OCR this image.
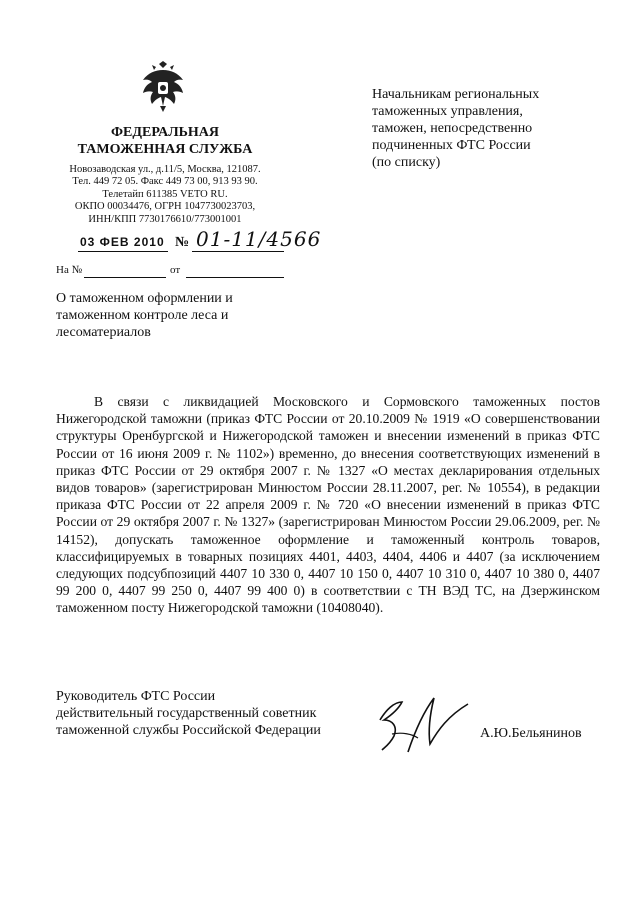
ФЕДЕРАЛЬНАЯ
ТАМОЖЕННАЯ СЛУЖБА
Новозаводская ул., д.11/5, Москва, 121087.
Тел. 449 72 05. Факс 449 73 00, 913 93 90.
Телетайп 611385 VETO RU.
ОКПО 00034476, ОГРН 1047730023703,
ИНН/КПП 7730176610/773001001
Начальникам региональных
таможенных управления,
таможен, непосредственно
подчиненных ФТС России
(по списку)
03 ФЕВ 2010 № 01-11/4566
На №	от
О таможенном оформлении и
таможенном контроле леса и
лесоматериалов
В связи с ликвидацией Московского и Сормовского таможенных постов Нижегородской таможни (приказ ФТС России от 20.10.2009 № 1919 «О совершенствовании структуры Оренбургской и Нижегородской таможен и внесении изменений в приказ ФТС России от 16 июня 2009 г. № 1102») временно, до внесения соответствующих изменений в приказ ФТС России от 29 октября 2007 г. № 1327 «О местах декларирования отдельных видов товаров» (зарегистрирован Минюстом России 28.11.2007, рег. № 10554), в редакции приказа ФТС России от 22 апреля 2009 г. № 720 «О внесении изменений в приказ ФТС России от 29 октября 2007 г. № 1327» (зарегистрирован Минюстом России 29.06.2009, рег. № 14152), допускать таможенное оформление и таможенный контроль товаров, классифицируемых в товарных позициях 4401, 4403, 4404, 4406 и 4407 (за исключением следующих подсубпозиций 4407 10 330 0, 4407 10 150 0, 4407 10 310 0, 4407 10 380 0, 4407 99 200 0, 4407 99 250 0, 4407 99 400 0) в соответствии с ТН ВЭД ТС, на Дзержинском таможенном посту Нижегородской таможни (10408040).
Руководитель ФТС России
действительный государственный советник
таможенной службы Российской Федерации	А.Ю.Бельянинов
